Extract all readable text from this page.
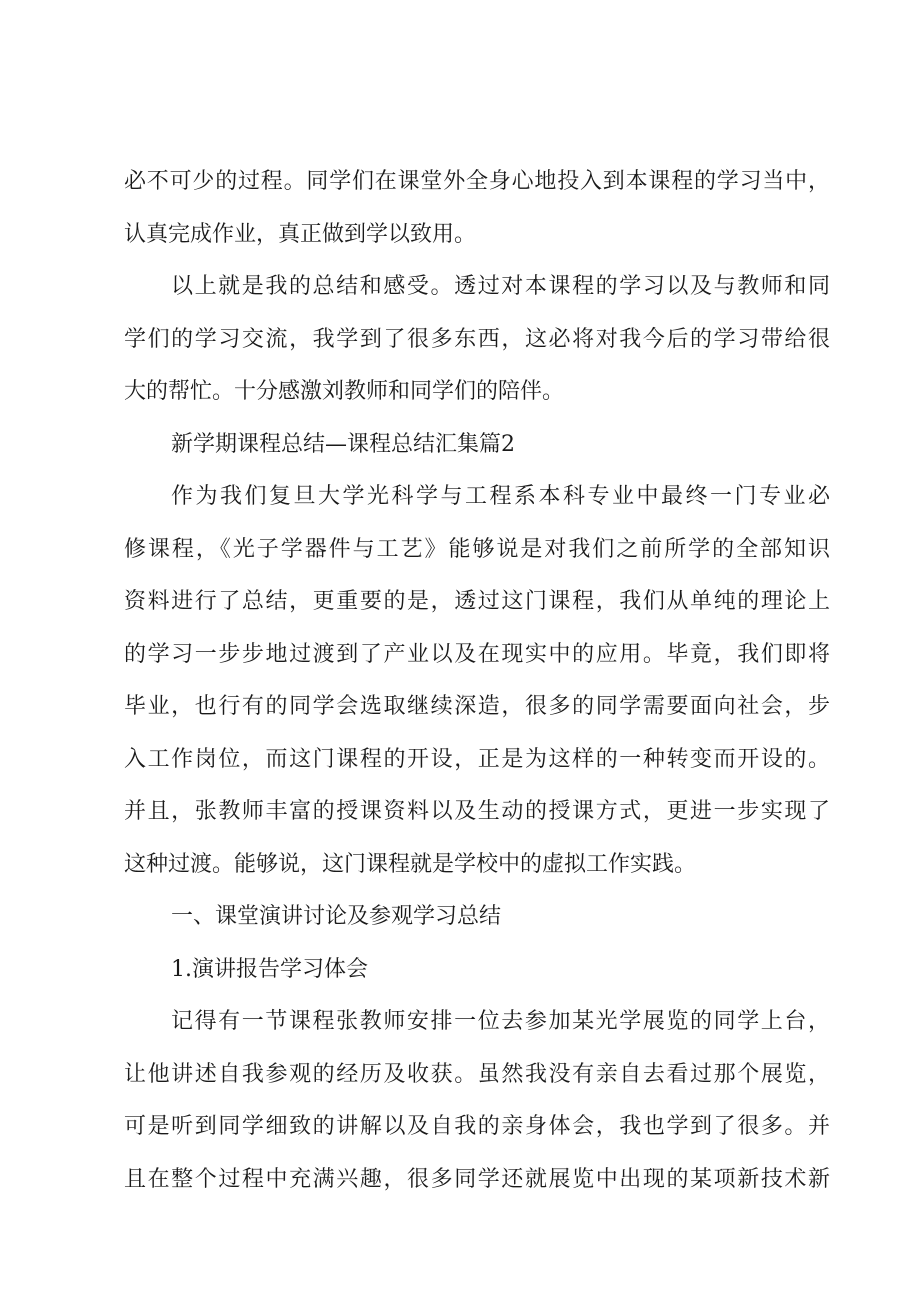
必不可少的过程。同学们在课堂外全身心地投入到本课程的学习当中，
认真完成作业，真正做到学以致用。
以上就是我的总结和感受。透过对本课程的学习以及与教师和同
学们的学习交流，我学到了很多东西，这必将对我今后的学习带给很
大的帮忙。十分感激刘教师和同学们的陪伴。
新学期课程总结—课程总结汇集篇2
作为我们复旦大学光科学与工程系本科专业中最终一门专业必
修课程，《光子学器件与工艺》能够说是对我们之前所学的全部知识
资料进行了总结，更重要的是，透过这门课程，我们从单纯的理论上
的学习一步步地过渡到了产业以及在现实中的应用。毕竟，我们即将
毕业，也行有的同学会选取继续深造，很多的同学需要面向社会，步
入工作岗位，而这门课程的开设，正是为这样的一种转变而开设的。
并且，张教师丰富的授课资料以及生动的授课方式，更进一步实现了
这种过渡。能够说，这门课程就是学校中的虚拟工作实践。
一、课堂演讲讨论及参观学习总结
1.演讲报告学习体会
记得有一节课程张教师安排一位去参加某光学展览的同学上台，
让他讲述自我参观的经历及收获。虽然我没有亲自去看过那个展览，
可是听到同学细致的讲解以及自我的亲身体会，我也学到了很多。并
且在整个过程中充满兴趣，很多同学还就展览中出现的某项新技术新
